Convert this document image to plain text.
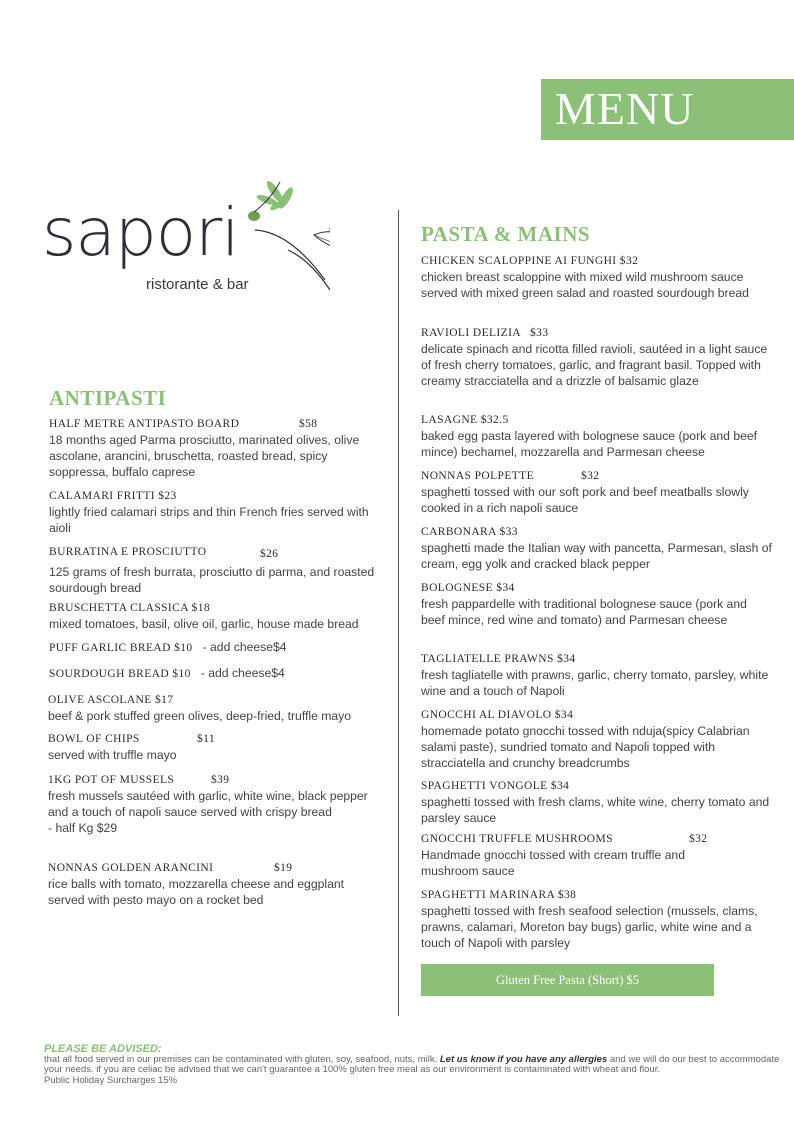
MENU
sapori
ristorante & bar
ANTIPASTI
HALF METRE ANTIPASTO BOARD	$58
18 months aged Parma prosciutto, marinated olives, olive ascolane, arancini, bruschetta, roasted bread, spicy soppressa, buffalo caprese
CALAMARI FRITTI $23
lightly fried calamari strips and thin French fries served with aioli
BURRATINA E PROSCIUTTO	$26
125 grams of fresh burrata, prosciutto di parma, and roasted sourdough bread
BRUSCHETTA CLASSICA $18
mixed tomatoes, basil, olive oil, garlic, house made bread
PUFF GARLIC BREAD $10 - add cheese$4
SOURDOUGH BREAD $10 - add cheese$4
OLIVE ASCOLANE $17
beef & pork stuffed green olives, deep-fried, truffle mayo
BOWL OF CHIPS	$11
served with truffle mayo
1KG POT OF MUSSELS	$39
fresh mussels sautéed with garlic, white wine, black pepper and a touch of napoli sauce served with crispy bread
- half Kg $29
NONNAS GOLDEN ARANCINI	$19
rice balls with tomato, mozzarella cheese and eggplant served with pesto mayo on a rocket bed
PASTA & MAINS
CHICKEN SCALOPPINE AI FUNGHI $32
chicken breast scaloppine with mixed wild mushroom sauce served with mixed green salad and roasted sourdough bread
RAVIOLI DELIZIA $33
delicate spinach and ricotta filled ravioli, sautéed in a light sauce of fresh cherry tomatoes, garlic, and fragrant basil. Topped with creamy stracciatella and a drizzle of balsamic glaze
LASAGNE $32.5
baked egg pasta layered with bolognese sauce (pork and beef mince) bechamel, mozzarella and Parmesan cheese
NONNAS POLPETTE	$32
spaghetti tossed with our soft pork and beef meatballs slowly cooked in a rich napoli sauce
CARBONARA $33
spaghetti made the Italian way with pancetta, Parmesan, slash of cream, egg yolk and cracked black pepper
BOLOGNESE $34
fresh pappardelle with traditional bolognese sauce (pork and beef mince, red wine and tomato) and Parmesan cheese
TAGLIATELLE PRAWNS $34
fresh tagliatelle with prawns, garlic, cherry tomato, parsley, white wine and a touch of Napoli
GNOCCHI AL DIAVOLO $34
homemade potato gnocchi tossed with nduja(spicy Calabrian salami paste), sundried tomato and Napoli topped with stracciatella and crunchy breadcrumbs
SPAGHETTI VONGOLE $34
spaghetti tossed with fresh clams, white wine, cherry tomato and parsley sauce
GNOCCHI TRUFFLE MUSHROOMS	$32
Handmade gnocchi tossed with cream truffle and mushroom sauce
SPAGHETTI MARINARA $38
spaghetti tossed with fresh seafood selection (mussels, clams, prawns, calamari, Moreton bay bugs) garlic, white wine and a touch of Napoli with parsley
Gluten Free Pasta (Short) $5
PLEASE BE ADVISED:
that all food served in our premises can be contaminated with gluten, soy, seafood, nuts, milk. Let us know if you have any allergies and we will do our best to accommodate your needs. if you are celiac be advised that we can't guarantee a 100% gluten free meal as our environment is contaminated with wheat and flour.
Public Holiday Surcharges 15%
